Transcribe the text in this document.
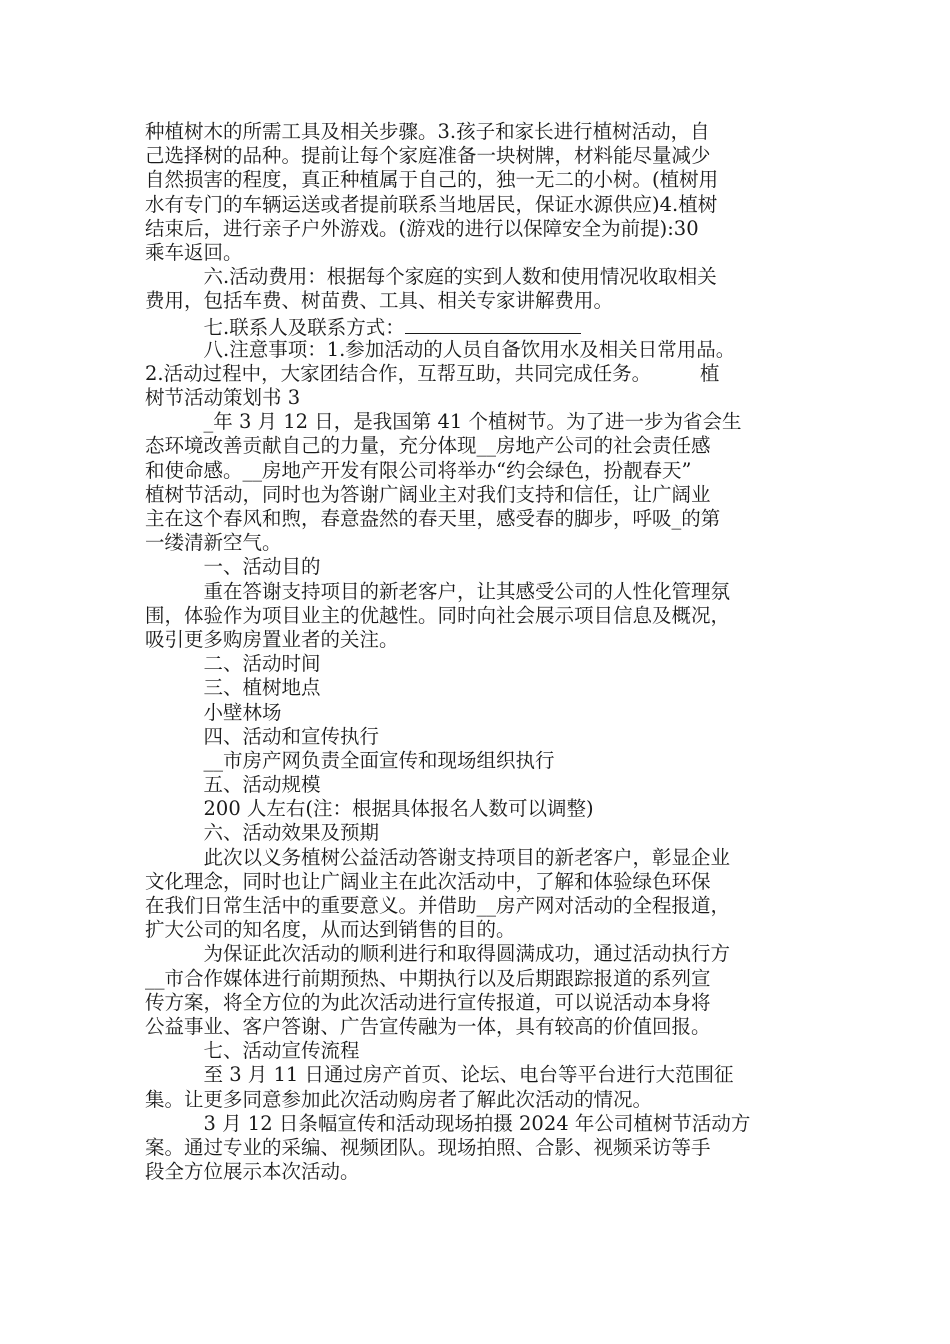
种植树木的所需工具及相关步骤。3.孩子和家长进行植树活动，自
己选择树的品种。提前让每个家庭准备一块树牌，材料能尽量减少
自然损害的程度，真正种植属于自己的，独一无二的小树。(植树用
水有专门的车辆运送或者提前联系当地居民，保证水源供应)4.植树
结束后，进行亲子户外游戏。(游戏的进行以保障安全为前提):30
乘车返回。
　　　六.活动费用：根据每个家庭的实到人数和使用情况收取相关
费用，包括车费、树苗费、工具、相关专家讲解费用。
　　　七.联系人及联系方式：
　　　八.注意事项：1.参加活动的人员自备饮用水及相关日常用品。
2.活动过程中，大家团结合作，互帮互助，共同完成任务。　　　植
树节活动策划书 3
　　　_年 3 月 12 日，是我国第 41 个植树节。为了进一步为省会生
态环境改善贡献自己的力量，充分体现__房地产公司的社会责任感
和使命感。__房地产开发有限公司将举办“约会绿色，扮靓春天”
植树节活动，同时也为答谢广阔业主对我们支持和信任，让广阔业
主在这个春风和煦，春意盎然的春天里，感受春的脚步，呼吸_的第
一缕清新空气。
　　　一、活动目的
　　　重在答谢支持项目的新老客户，让其感受公司的人性化管理氛
围，体验作为项目业主的优越性。同时向社会展示项目信息及概况，
吸引更多购房置业者的关注。
　　　二、活动时间
　　　三、植树地点
　　　小壁林场
　　　四、活动和宣传执行
　　　__市房产网负责全面宣传和现场组织执行
　　　五、活动规模
　　　200 人左右(注：根据具体报名人数可以调整)
　　　六、活动效果及预期
　　　此次以义务植树公益活动答谢支持项目的新老客户，彰显企业
文化理念，同时也让广阔业主在此次活动中，了解和体验绿色环保
在我们日常生活中的重要意义。并借助__房产网对活动的全程报道，
扩大公司的知名度，从而达到销售的目的。
　　　为保证此次活动的顺利进行和取得圆满成功，通过活动执行方
__市合作媒体进行前期预热、中期执行以及后期跟踪报道的系列宣
传方案，将全方位的为此次活动进行宣传报道，可以说活动本身将
公益事业、客户答谢、广告宣传融为一体，具有较高的价值回报。
　　　七、活动宣传流程
　　　至 3 月 11 日通过房产首页、论坛、电台等平台进行大范围征
集。让更多同意参加此次活动购房者了解此次活动的情况。
　　　3 月 12 日条幅宣传和活动现场拍摄 2024 年公司植树节活动方
案。通过专业的采编、视频团队。现场拍照、合影、视频采访等手
段全方位展示本次活动。
